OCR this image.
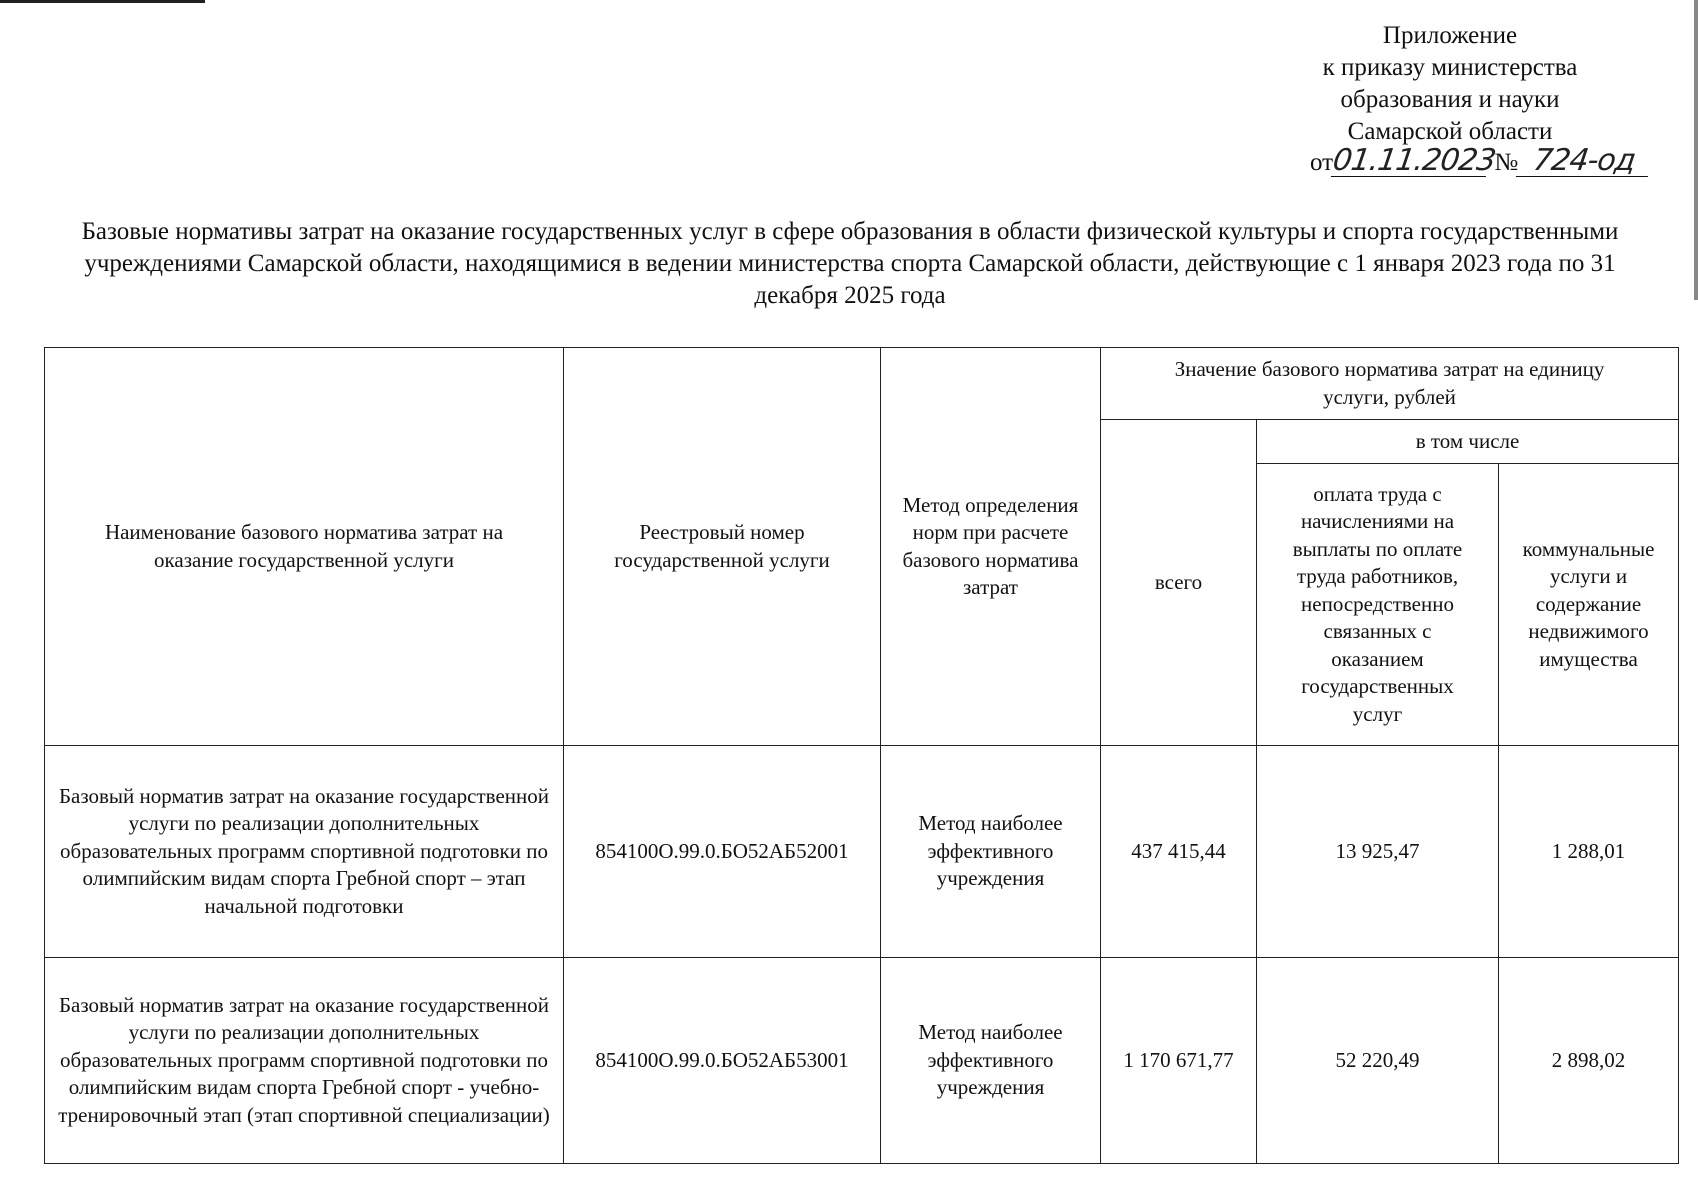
Приложение
к приказу министерства
образования и науки
Самарской области
от01.11.2023 № 724-од
Базовые нормативы затрат на оказание государственных услуг в сфере образования в области физической культуры и спорта государственными учреждениями Самарской области, находящимися в ведении министерства спорта Самарской области, действующие с 1 января 2023 года по 31 декабря 2025 года
Наименование базового норматива затрат на оказание государственной услуги	Реестровый номер государственной услуги	Метод определения норм при расчете базового норматива затрат	Значение базового норматива затрат на единицу услуги, рублей		
			всего	в том числе	
				оплата труда с начислениями на выплаты по оплате труда работников, непосредственно связанных с оказанием государственных услуг	коммунальные услуги и содержание недвижимого имущества
Базовый норматив затрат на оказание государственной услуги по реализации дополнительных образовательных программ спортивной подготовки по олимпийским видам спорта Гребной спорт – этап начальной подготовки	854100О.99.0.БО52АБ52001	Метод наиболее эффективного учреждения	437 415,44	13 925,47	1 288,01
Базовый норматив затрат на оказание государственной услуги по реализации дополнительных образовательных программ спортивной подготовки по олимпийским видам спорта Гребной спорт - учебно-тренировочный этап (этап спортивной специализации)	854100О.99.0.БО52АБ53001	Метод наиболее эффективного учреждения	1 170 671,77	52 220,49	2 898,02
